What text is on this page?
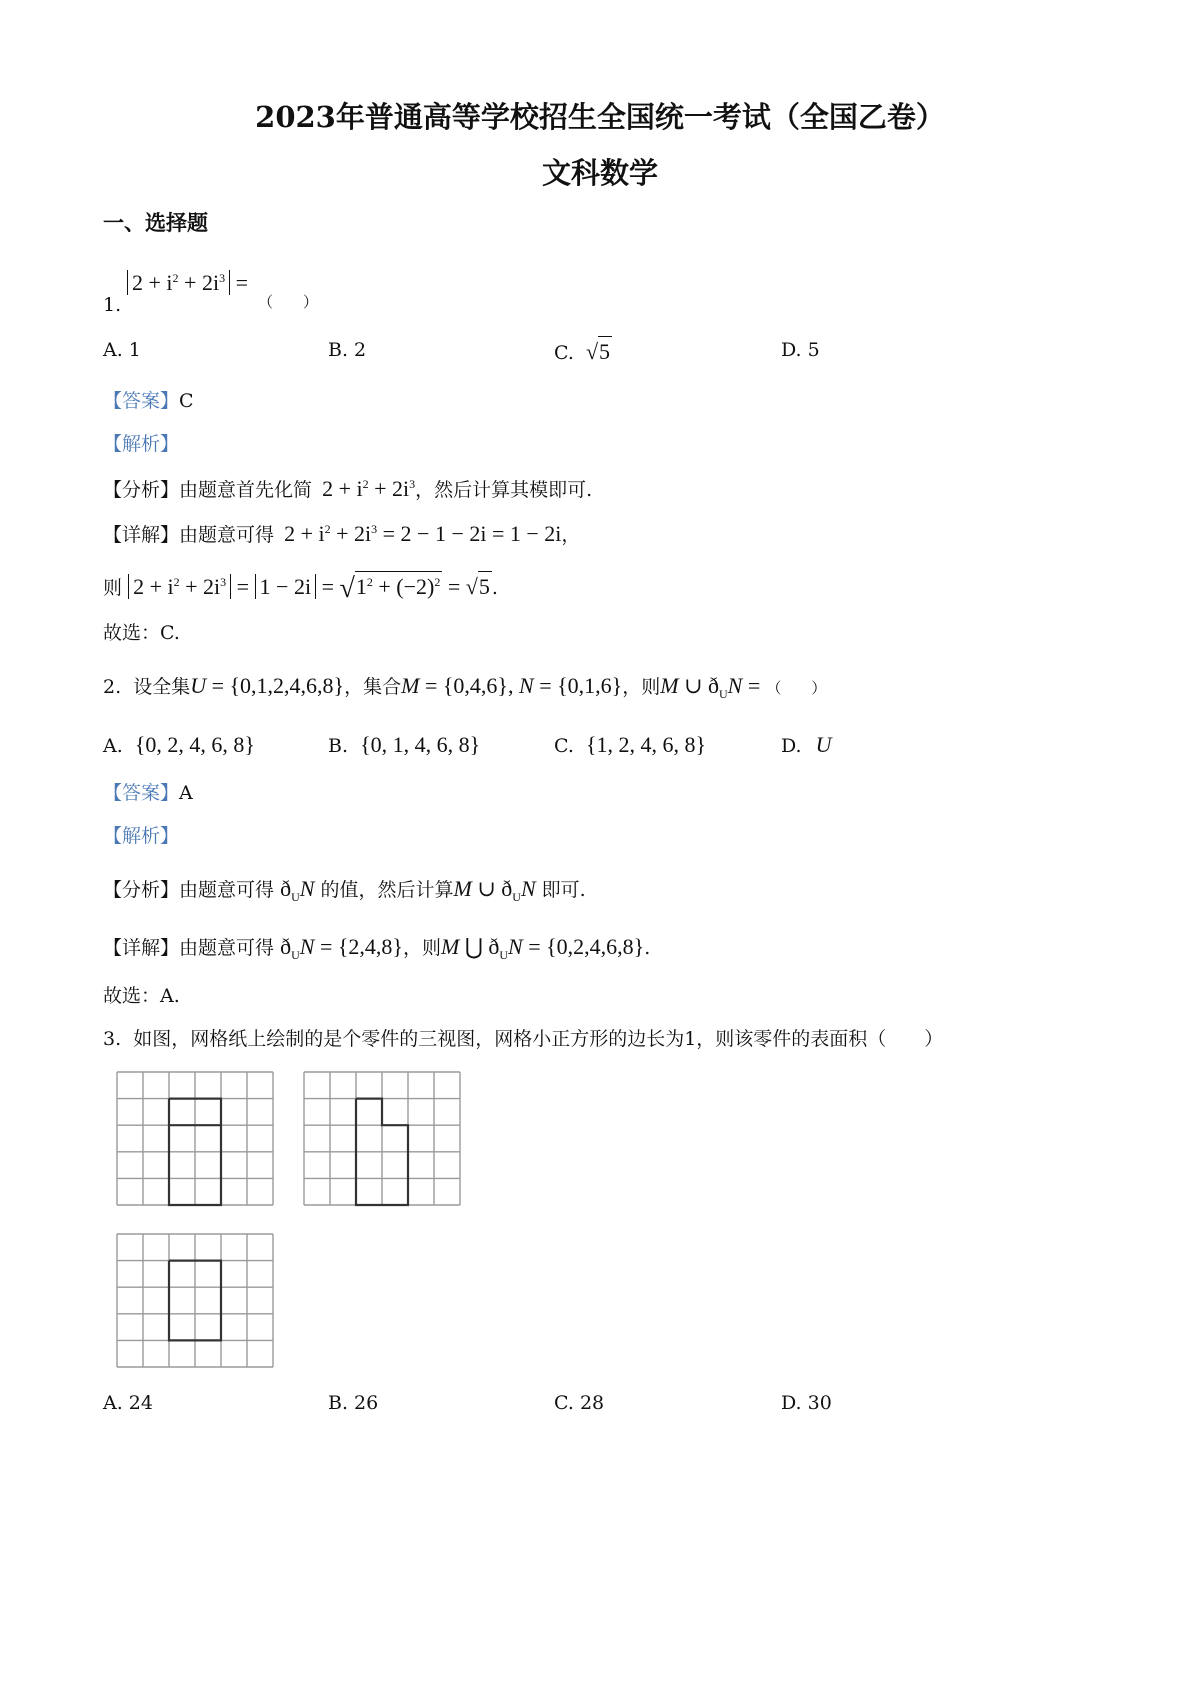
2023年普通高等学校招生全国统一考试（全国乙卷）
文科数学
一、选择题
1.
$2 + i^2 + 2i^3$ =
（　　）
A. 1	B. 2	C. √5	D. 5
【答案】C
【解析】
【分析】由题意首先化简 $2 + i^2 + 2i^3$，然后计算其模即可.
【详解】由题意可得 $2 + i^2 + 2i^3 = 2 - 1 - 2i = 1 - 2i$，
则 $2 + i^2 + 2i^3 = 1 - 2i = √1^2 + (-2)^2 = √5$ .
故选：C.
2. 设全集U = {0,1,2,4,6,8}，集合M = {0,4,6}, N = {0,1,6}，则M ∪ $ð_UN$ = （　　）
A. {0, 2, 4, 6, 8}	B. {0, 1, 4, 6, 8}	C. {1, 2, 4, 6, 8}	D. U
【答案】A
【解析】
【分析】由题意可得 $ð_UN$ 的值，然后计算M ∪ $ð_UN$ 即可.
【详解】由题意可得 $ð_UN = \{2,4,8\}$，则M ⋃ $ð_UN = \{0,2,4,6,8\}$.
故选：A.
3. 如图，网格纸上绘制的是个零件的三视图，网格小正方形的边长为1，则该零件的表面积（　　）
A. 24	B. 26	C. 28	D. 30
